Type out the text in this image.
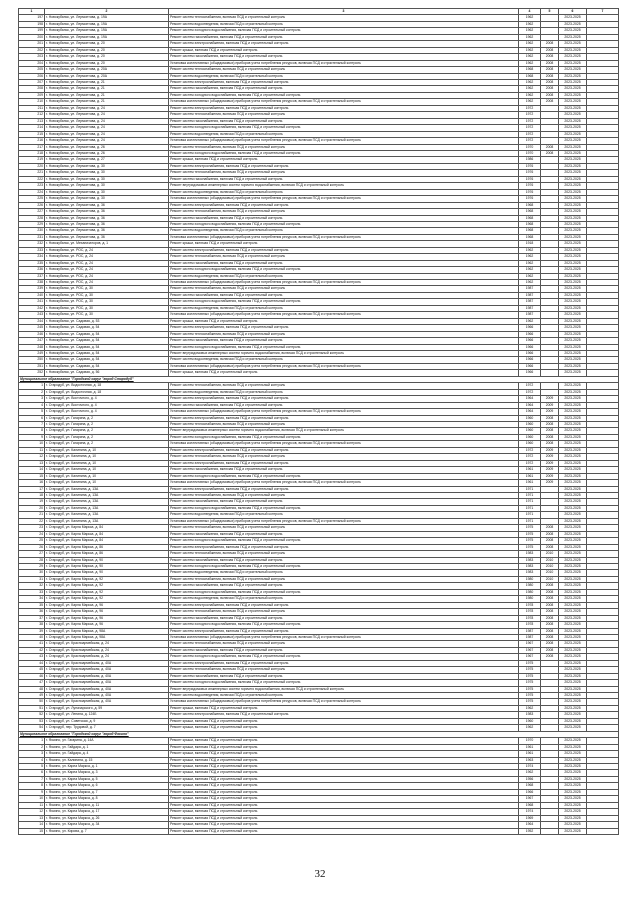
1	2	3	4	5	6	7
197	г. Новокубанск, ул. Лермонтова, д. 19А	Ремонт систем теплоснабжения, включая ПСД и строительный контроль	1962		2023-2025	
198	г. Новокубанск, ул. Лермонтова, д. 19А	Ремонт систем водоотведения, включая ПСД и строительный контроль	1962		2023-2025	
199	г. Новокубанск, ул. Лермонтова, д. 19А	Ремонт систем холодного водоснабжения, включая ПСД и строительный контроль	1962		2023-2025	
200	г. Новокубанск, ул. Лермонтова, д. 19А	Ремонт систем газоснабжения, включая ПСД и строительный контроль	1962		2023-2025	
201	г. Новокубанск, ул. Лермонтова, д. 20	Ремонт систем электроснабжения, включая ПСД и строительный контроль	1962	2008	2023-2025	
202	г. Новокубанск, ул. Лермонтова, д. 20	Ремонт крыши, включая ПСД и строительный контроль	1962	2008	2023-2025	
203	г. Новокубанск, ул. Лермонтова, д. 20	Ремонт систем газоснабжения, включая ПСД и строительный контроль	1962	2008	2023-2025	
204	г. Новокубанск, ул. Лермонтова, д. 20	Установка коллективных (общедомовых) приборов учета потребления ресурсов, включая ПСД и строительный контроль	1962	2008	2023-2025	
205	г. Новокубанск, ул. Лермонтова, д. 20А	Ремонт систем теплоснабжения, включая ПСД и строительный контроль	1968	2008	2023-2025	
206	г. Новокубанск, ул. Лермонтова, д. 20А	Ремонт систем водоотведения, включая ПСД и строительный контроль	1968	2008	2023-2025	
207	г. Новокубанск, ул. Лермонтова, д. 21	Ремонт систем электроснабжения, включая ПСД и строительный контроль	1962	2008	2023-2025	
208	г. Новокубанск, ул. Лермонтова, д. 21	Ремонт систем газоснабжения, включая ПСД и строительный контроль	1962	2008	2023-2025	
209	г. Новокубанск, ул. Лермонтова, д. 21	Ремонт систем холодного водоснабжения, включая ПСД и строительный контроль	1962	2008	2023-2025	
210	г. Новокубанск, ул. Лермонтова, д. 21	Установка коллективных (общедомовых) приборов учета потребления ресурсов, включая ПСД и строительный контроль	1962	2008	2023-2025	
211	г. Новокубанск, ул. Лермонтова, д. 24	Ремонт систем электроснабжения, включая ПСД и строительный контроль	1972		2023-2025	
212	г. Новокубанск, ул. Лермонтова, д. 24	Ремонт систем теплоснабжения, включая ПСД и строительный контроль	1972		2023-2025	
213	г. Новокубанск, ул. Лермонтова, д. 24	Ремонт систем газоснабжения, включая ПСД и строительный контроль	1972		2023-2025	
214	г. Новокубанск, ул. Лермонтова, д. 24	Ремонт систем холодного водоснабжения, включая ПСД и строительный контроль	1972		2023-2025	
215	г. Новокубанск, ул. Лермонтова, д. 24	Ремонт систем водоотведения, включая ПСД и строительный контроль	1972		2023-2025	
216	г. Новокубанск, ул. Лермонтова, д. 24	Установка коллективных (общедомовых) приборов учета потребления ресурсов, включая ПСД и строительный контроль	1972		2023-2025	
217	г. Новокубанск, ул. Лермонтова, д. 26	Ремонт систем теплоснабжения, включая ПСД и строительный контроль	1970	2008	2023-2025	
218	г. Новокубанск, ул. Лермонтова, д. 26	Ремонт систем холодного водоснабжения, включая ПСД и строительный контроль	1970	2008	2023-2025	
219	г. Новокубанск, ул. Лермонтова, д. 27	Ремонт крыши, включая ПСД и строительный контроль	1986		2023-2025	
220	г. Новокубанск, ул. Лермонтова, д. 30	Ремонт систем электроснабжения, включая ПСД и строительный контроль	1976		2023-2025	
221	г. Новокубанск, ул. Лермонтова, д. 30	Ремонт систем теплоснабжения, включая ПСД и строительный контроль	1976		2023-2025	
222	г. Новокубанск, ул. Лермонтова, д. 30	Ремонт систем газоснабжения, включая ПСД и строительный контроль	1976		2023-2025	
223	г. Новокубанск, ул. Лермонтова, д. 30	Ремонт внутридомовых инженерных систем горячего водоснабжения, включая ПСД и строительный контроль	1976		2023-2025	
224	г. Новокубанск, ул. Лермонтова, д. 30	Ремонт систем водоотведения, включая ПСД и строительный контроль	1976		2023-2025	
225	г. Новокубанск, ул. Лермонтова, д. 30	Установка коллективных (общедомовых) приборов учета потребления ресурсов, включая ПСД и строительный контроль	1976		2023-2025	
226	г. Новокубанск, ул. Лермонтова, д. 36	Ремонт систем электроснабжения, включая ПСД и строительный контроль	1968		2023-2025	
227	г. Новокубанск, ул. Лермонтова, д. 36	Ремонт систем теплоснабжения, включая ПСД и строительный контроль	1968		2023-2025	
228	г. Новокубанск, ул. Лермонтова, д. 36	Ремонт систем газоснабжения, включая ПСД и строительный контроль	1968		2023-2025	
229	г. Новокубанск, ул. Лермонтова, д. 36	Ремонт систем холодного водоснабжения, включая ПСД и строительный контроль	1968		2023-2025	
230	г. Новокубанск, ул. Лермонтова, д. 36	Ремонт систем водоотведения, включая ПСД и строительный контроль	1968		2023-2025	
231	г. Новокубанск, ул. Лермонтова, д. 36	Установка коллективных (общедомовых) приборов учета потребления ресурсов, включая ПСД и строительный контроль	1968		2023-2025	
232	г. Новокубанск, ул. Механизаторов, д. 1	Ремонт крыши, включая ПСД и строительный контроль	1918		2023-2025	
233	г. Новокубанск, ул. РОС, д. 24	Ремонт систем электроснабжения, включая ПСД и строительный контроль	1962		2023-2025	
234	г. Новокубанск, ул. РОС, д. 24	Ремонт систем теплоснабжения, включая ПСД и строительный контроль	1962		2023-2025	
235	г. Новокубанск, ул. РОС, д. 24	Ремонт систем газоснабжения, включая ПСД и строительный контроль	1962		2023-2025	
236	г. Новокубанск, ул. РОС, д. 24	Ремонт систем холодного водоснабжения, включая ПСД и строительный контроль	1962		2023-2025	
237	г. Новокубанск, ул. РОС, д. 24	Ремонт систем водоотведения, включая ПСД и строительный контроль	1962		2023-2025	
238	г. Новокубанск, ул. РОС, д. 24	Установка коллективных (общедомовых) приборов учета потребления ресурсов, включая ПСД и строительный контроль	1962		2023-2025	
239	г. Новокубанск, ул. РОС, д. 30	Ремонт систем теплоснабжения, включая ПСД и строительный контроль	1987		2023-2025	
240	г. Новокубанск, ул. РОС, д. 30	Ремонт систем газоснабжения, включая ПСД и строительный контроль	1987		2023-2025	
241	г. Новокубанск, ул. РОС, д. 30	Ремонт систем холодного водоснабжения, включая ПСД и строительный контроль	1987		2023-2025	
242	г. Новокубанск, ул. РОС, д. 30	Ремонт систем водоотведения, включая ПСД и строительный контроль	1987		2023-2025	
243	г. Новокубанск, ул. РОС, д. 30	Установка коллективных (общедомовых) приборов учета потребления ресурсов, включая ПСД и строительный контроль	1987		2023-2025	
244	г. Новокубанск, ул. Садовая, д. 53	Ремонт крыши, включая ПСД и строительный контроль	1962		2023-2025	
245	г. Новокубанск, ул. Садовая, д. 54	Ремонт систем электроснабжения, включая ПСД и строительный контроль	1966		2023-2025	
246	г. Новокубанск, ул. Садовая, д. 54	Ремонт систем теплоснабжения, включая ПСД и строительный контроль	1966		2023-2025	
247	г. Новокубанск, ул. Садовая, д. 54	Ремонт систем газоснабжения, включая ПСД и строительный контроль	1966		2023-2025	
248	г. Новокубанск, ул. Садовая, д. 54	Ремонт систем холодного водоснабжения, включая ПСД и строительный контроль	1966		2023-2025	
249	г. Новокубанск, ул. Садовая, д. 54	Ремонт внутридомовых инженерных систем горячего водоснабжения, включая ПСД и строительный контроль	1966		2023-2025	
250	г. Новокубанск, ул. Садовая, д. 54	Ремонт систем водоотведения, включая ПСД и строительный контроль	1966		2023-2025	
251	г. Новокубанск, ул. Садовая, д. 54	Установка коллективных (общедомовых) приборов учета потребления ресурсов, включая ПСД и строительный контроль	1966		2023-2025	
252	г. Новокубанск, ул. Садовая, д. 56	Ремонт крыши, включая ПСД и строительный контроль	1966		2023-2025	
Муниципальное образование "Городской округ "город Стародуб"						
1	г. Стародуб, ул. Водосточная, д. 18	Ремонт систем теплоснабжения, включая ПСД и строительный контроль	1972		2023-2025	
2	г. Стародуб, ул. Водосточная, д. 18	Ремонт систем водоотведения, включая ПСД и строительный контроль	1972		2023-2025	
3	г. Стародуб, ул. Восточного, д. 4	Ремонт систем электроснабжения, включая ПСД и строительный контроль	1964	2009	2023-2025	
4	г. Стародуб, ул. Восточного, д. 4	Ремонт систем газоснабжения, включая ПСД и строительный контроль	1964	2009	2023-2025	
5	г. Стародуб, ул. Восточного, д. 4	Установка коллективных (общедомовых) приборов учета потребления ресурсов, включая ПСД и строительный контроль	1964	2009	2023-2025	
6	г. Стародуб, ул. Гагарина, д. 2	Ремонт систем электроснабжения, включая ПСД и строительный контроль	1960	2008	2023-2025	
7	г. Стародуб, ул. Гагарина, д. 2	Ремонт систем теплоснабжения, включая ПСД и строительный контроль	1960	2008	2023-2025	
8	г. Стародуб, ул. Гагарина, д. 2	Ремонт внутридомовых инженерных систем горячего водоснабжения, включая ПСД и строительный контроль	1960	2008	2023-2025	
9	г. Стародуб, ул. Гагарина, д. 2	Ремонт систем холодного водоснабжения, включая ПСД и строительный контроль	1960	2008	2023-2025	
10	г. Стародуб, ул. Гагарина, д. 2	Установка коллективных (общедомовых) приборов учета потребления ресурсов, включая ПСД и строительный контроль	1960	2008	2023-2025	
11	г. Стародуб, ул. Калинина, д. 10	Ремонт систем электроснабжения, включая ПСД и строительный контроль	1972	2009	2023-2025	
12	г. Стародуб, ул. Калинина, д. 10	Ремонт систем теплоснабжения, включая ПСД и строительный контроль	1972	2009	2023-2025	
13	г. Стародуб, ул. Калинина, д. 10	Ремонт систем электроснабжения, включая ПСД и строительный контроль	1972	2009	2023-2025	
14	г. Стародуб, ул. Калинина, д. 10	Ремонт систем газоснабжения, включая ПСД и строительный контроль	1961	2009	2023-2025	
15	г. Стародуб, ул. Калинина, д. 10	Ремонт систем холодного водоснабжения, включая ПСД и строительный контроль	1961	2009	2023-2025	
16	г. Стародуб, ул. Калинина, д. 10	Установка коллективных (общедомовых) приборов учета потребления ресурсов, включая ПСД и строительный контроль	1961	2009	2023-2025	
17	г. Стародуб, ул. Калинина, д. 13А	Ремонт систем электроснабжения, включая ПСД и строительный контроль	1971		2023-2025	
18	г. Стародуб, ул. Калинина, д. 13А	Ремонт систем теплоснабжения, включая ПСД и строительный контроль	1971		2023-2025	
19	г. Стародуб, ул. Калинина, д. 13А	Ремонт систем газоснабжения, включая ПСД и строительный контроль	1971		2023-2025	
20	г. Стародуб, ул. Калинина, д. 13А	Ремонт систем холодного водоснабжения, включая ПСД и строительный контроль	1971		2023-2025	
21	г. Стародуб, ул. Калинина, д. 13А	Ремонт систем водоотведения, включая ПСД и строительный контроль	1971		2023-2025	
22	г. Стародуб, ул. Калинина, д. 13А	Установка коллективных (общедомовых) приборов учета потребления ресурсов, включая ПСД и строительный контроль	1971		2023-2025	
23	г. Стародуб, ул. Карла Маркса, д. 84	Ремонт систем теплоснабжения, включая ПСД и строительный контроль	1975	2008	2023-2025	
24	г. Стародуб, ул. Карла Маркса, д. 84	Ремонт систем газоснабжения, включая ПСД и строительный контроль	1975	2008	2023-2025	
25	г. Стародуб, ул. Карла Маркса, д. 84	Ремонт систем холодного водоснабжения, включая ПСД и строительный контроль	1975	2008	2023-2025	
26	г. Стародуб, ул. Карла Маркса, д. 86	Ремонт систем электроснабжения, включая ПСД и строительный контроль	1975	2008	2023-2025	
27	г. Стародуб, ул. Карла Маркса, д. 86	Ремонт систем теплоснабжения, включая ПСД и строительный контроль	1983	2010	2023-2025	
28	г. Стародуб, ул. Карла Маркса, д. 90	Ремонт систем газоснабжения, включая ПСД и строительный контроль	1983	2010	2023-2025	
29	г. Стародуб, ул. Карла Маркса, д. 90	Ремонт систем холодного водоснабжения, включая ПСД и строительный контроль	1983	2010	2023-2025	
30	г. Стародуб, ул. Карла Маркса, д. 90	Ремонт систем водоотведения, включая ПСД и строительный контроль	1983	2010	2023-2025	
31	г. Стародуб, ул. Карла Маркса, д. 92	Ремонт систем теплоснабжения, включая ПСД и строительный контроль	1980	2010	2023-2025	
32	г. Стародуб, ул. Карла Маркса, д. 92	Ремонт систем газоснабжения, включая ПСД и строительный контроль	1980	2008	2023-2025	
33	г. Стародуб, ул. Карла Маркса, д. 92	Ремонт систем холодного водоснабжения, включая ПСД и строительный контроль	1980	2008	2023-2025	
34	г. Стародуб, ул. Карла Маркса, д. 92	Ремонт систем водоотведения, включая ПСД и строительный контроль	1980	2008	2023-2025	
35	г. Стародуб, ул. Карла Маркса, д. 96	Ремонт систем электроснабжения, включая ПСД и строительный контроль	1978	2008	2023-2025	
36	г. Стародуб, ул. Карла Маркса, д. 96	Ремонт систем теплоснабжения, включая ПСД и строительный контроль	1978	2008	2023-2025	
37	г. Стародуб, ул. Карла Маркса, д. 96	Ремонт систем газоснабжения, включая ПСД и строительный контроль	1978	2008	2023-2025	
38	г. Стародуб, ул. Карла Маркса, д. 96	Ремонт систем холодного водоснабжения, включая ПСД и строительный контроль	1978	2008	2023-2025	
39	г. Стародуб, ул. Карла Маркса, д. 98А	Ремонт систем электроснабжения, включая ПСД и строительный контроль	1987	2008	2023-2025	
40	г. Стародуб, ул. Карла Маркса, д. 98А	Установка коллективных (общедомовых) приборов учета потребления ресурсов, включая ПСД и строительный контроль	1987	2008	2023-2025	
41	г. Стародуб, ул. Красноармейская, д. 24	Ремонт систем теплоснабжения, включая ПСД и строительный контроль	1967	2008	2023-2025	
42	г. Стародуб, ул. Красноармейская, д. 24	Ремонт систем газоснабжения, включая ПСД и строительный контроль	1967	2008	2023-2025	
43	г. Стародуб, ул. Красноармейская, д. 24	Ремонт систем холодного водоснабжения, включая ПСД и строительный контроль	1967	2008	2023-2025	
44	г. Стародуб, ул. Красноармейская, д. 40А	Ремонт систем электроснабжения, включая ПСД и строительный контроль	1975		2023-2025	
45	г. Стародуб, ул. Красноармейская, д. 40А	Ремонт систем теплоснабжения, включая ПСД и строительный контроль	1975		2023-2025	
46	г. Стародуб, ул. Красноармейская, д. 40А	Ремонт систем газоснабжения, включая ПСД и строительный контроль	1975		2023-2025	
47	г. Стародуб, ул. Красноармейская, д. 40А	Ремонт систем холодного водоснабжения, включая ПСД и строительный контроль	1975		2023-2025	
48	г. Стародуб, ул. Красноармейская, д. 40А	Ремонт внутридомовых инженерных систем горячего водоснабжения, включая ПСД и строительный контроль	1975		2023-2025	
49	г. Стародуб, ул. Красноармейская, д. 40А	Ремонт систем водоотведения, включая ПСД и строительный контроль	1975		2023-2025	
50	г. Стародуб, ул. Красноармейская, д. 40А	Установка коллективных (общедомовых) приборов учета потребления ресурсов, включая ПСД и строительный контроль	1975		2023-2025	
51	г. Стародуб, ул. Луначарского, д. 59	Ремонт крыши, включая ПСД и строительный контроль	1962		2023-2025	
52	г. Стародуб, ул. Ленина, д. 124Б	Ремонт систем электроснабжения, включая ПСД и строительный контроль	1983		2023-2025	
53	г. Стародуб, ул. Советская, д. 9	Ремонт крыши, включая ПСД и строительный контроль	1960		2023-2025	
54	г. Стародуб, пер. Трудовой, д. 7	Ремонт крыши, включая ПСД и строительный контроль	1962		2023-2025	
Муниципальное образование "Городской округ "город Фокино"						
1	г. Фокино, ул. Гагарина, д. 14А	Ремонт крыши, включая ПСД и строительный контроль	1970		2023-2025	
2	г. Фокино, ул. Гайдара, д. 1	Ремонт крыши, включая ПСД и строительный контроль	1961		2023-2025	
3	г. Фокино, ул. Гайдара, д. 4	Ремонт крыши, включая ПСД и строительный контроль	1961		2023-2025	
4	г. Фокино, ул. Калинина, д. 15	Ремонт крыши, включая ПСД и строительный контроль	1963		2023-2025	
5	г. Фокино, ул. Карла Маркса, д. 1	Ремонт крыши, включая ПСД и строительный контроль	1974		2023-2025	
6	г. Фокино, ул. Карла Маркса, д. 3	Ремонт крыши, включая ПСД и строительный контроль	1962		2023-2025	
7	г. Фокино, ул. Карла Маркса, д. 5	Ремонт крыши, включая ПСД и строительный контроль	1956		2023-2025	
8	г. Фокино, ул. Карла Маркса, д. 6	Ремонт крыши, включая ПСД и строительный контроль	1968		2023-2025	
9	г. Фокино, ул. Карла Маркса, д. 7	Ремонт крыши, включая ПСД и строительный контроль	1966		2023-2025	
10	г. Фокино, ул. Карла Маркса, д. 8	Ремонт крыши, включая ПСД и строительный контроль	1967		2023-2025	
11	г. Фокино, ул. Карла Маркса, д. 11	Ремонт крыши, включая ПСД и строительный контроль	1968		2023-2025	
12	г. Фокино, ул. Карла Маркса, д. 17	Ремонт крыши, включая ПСД и строительный контроль	1974		2023-2025	
13	г. Фокино, ул. Карла Маркса, д. 26	Ремонт крыши, включая ПСД и строительный контроль	1969		2023-2025	
14	г. Фокино, ул. Карла Маркса, д. 34	Ремонт крыши, включая ПСД и строительный контроль	1964		2023-2025	
15	г. Фокино, ул. Кирова, д. 7	Ремонт крыши, включая ПСД и строительный контроль	1952		2023-2025	
32
